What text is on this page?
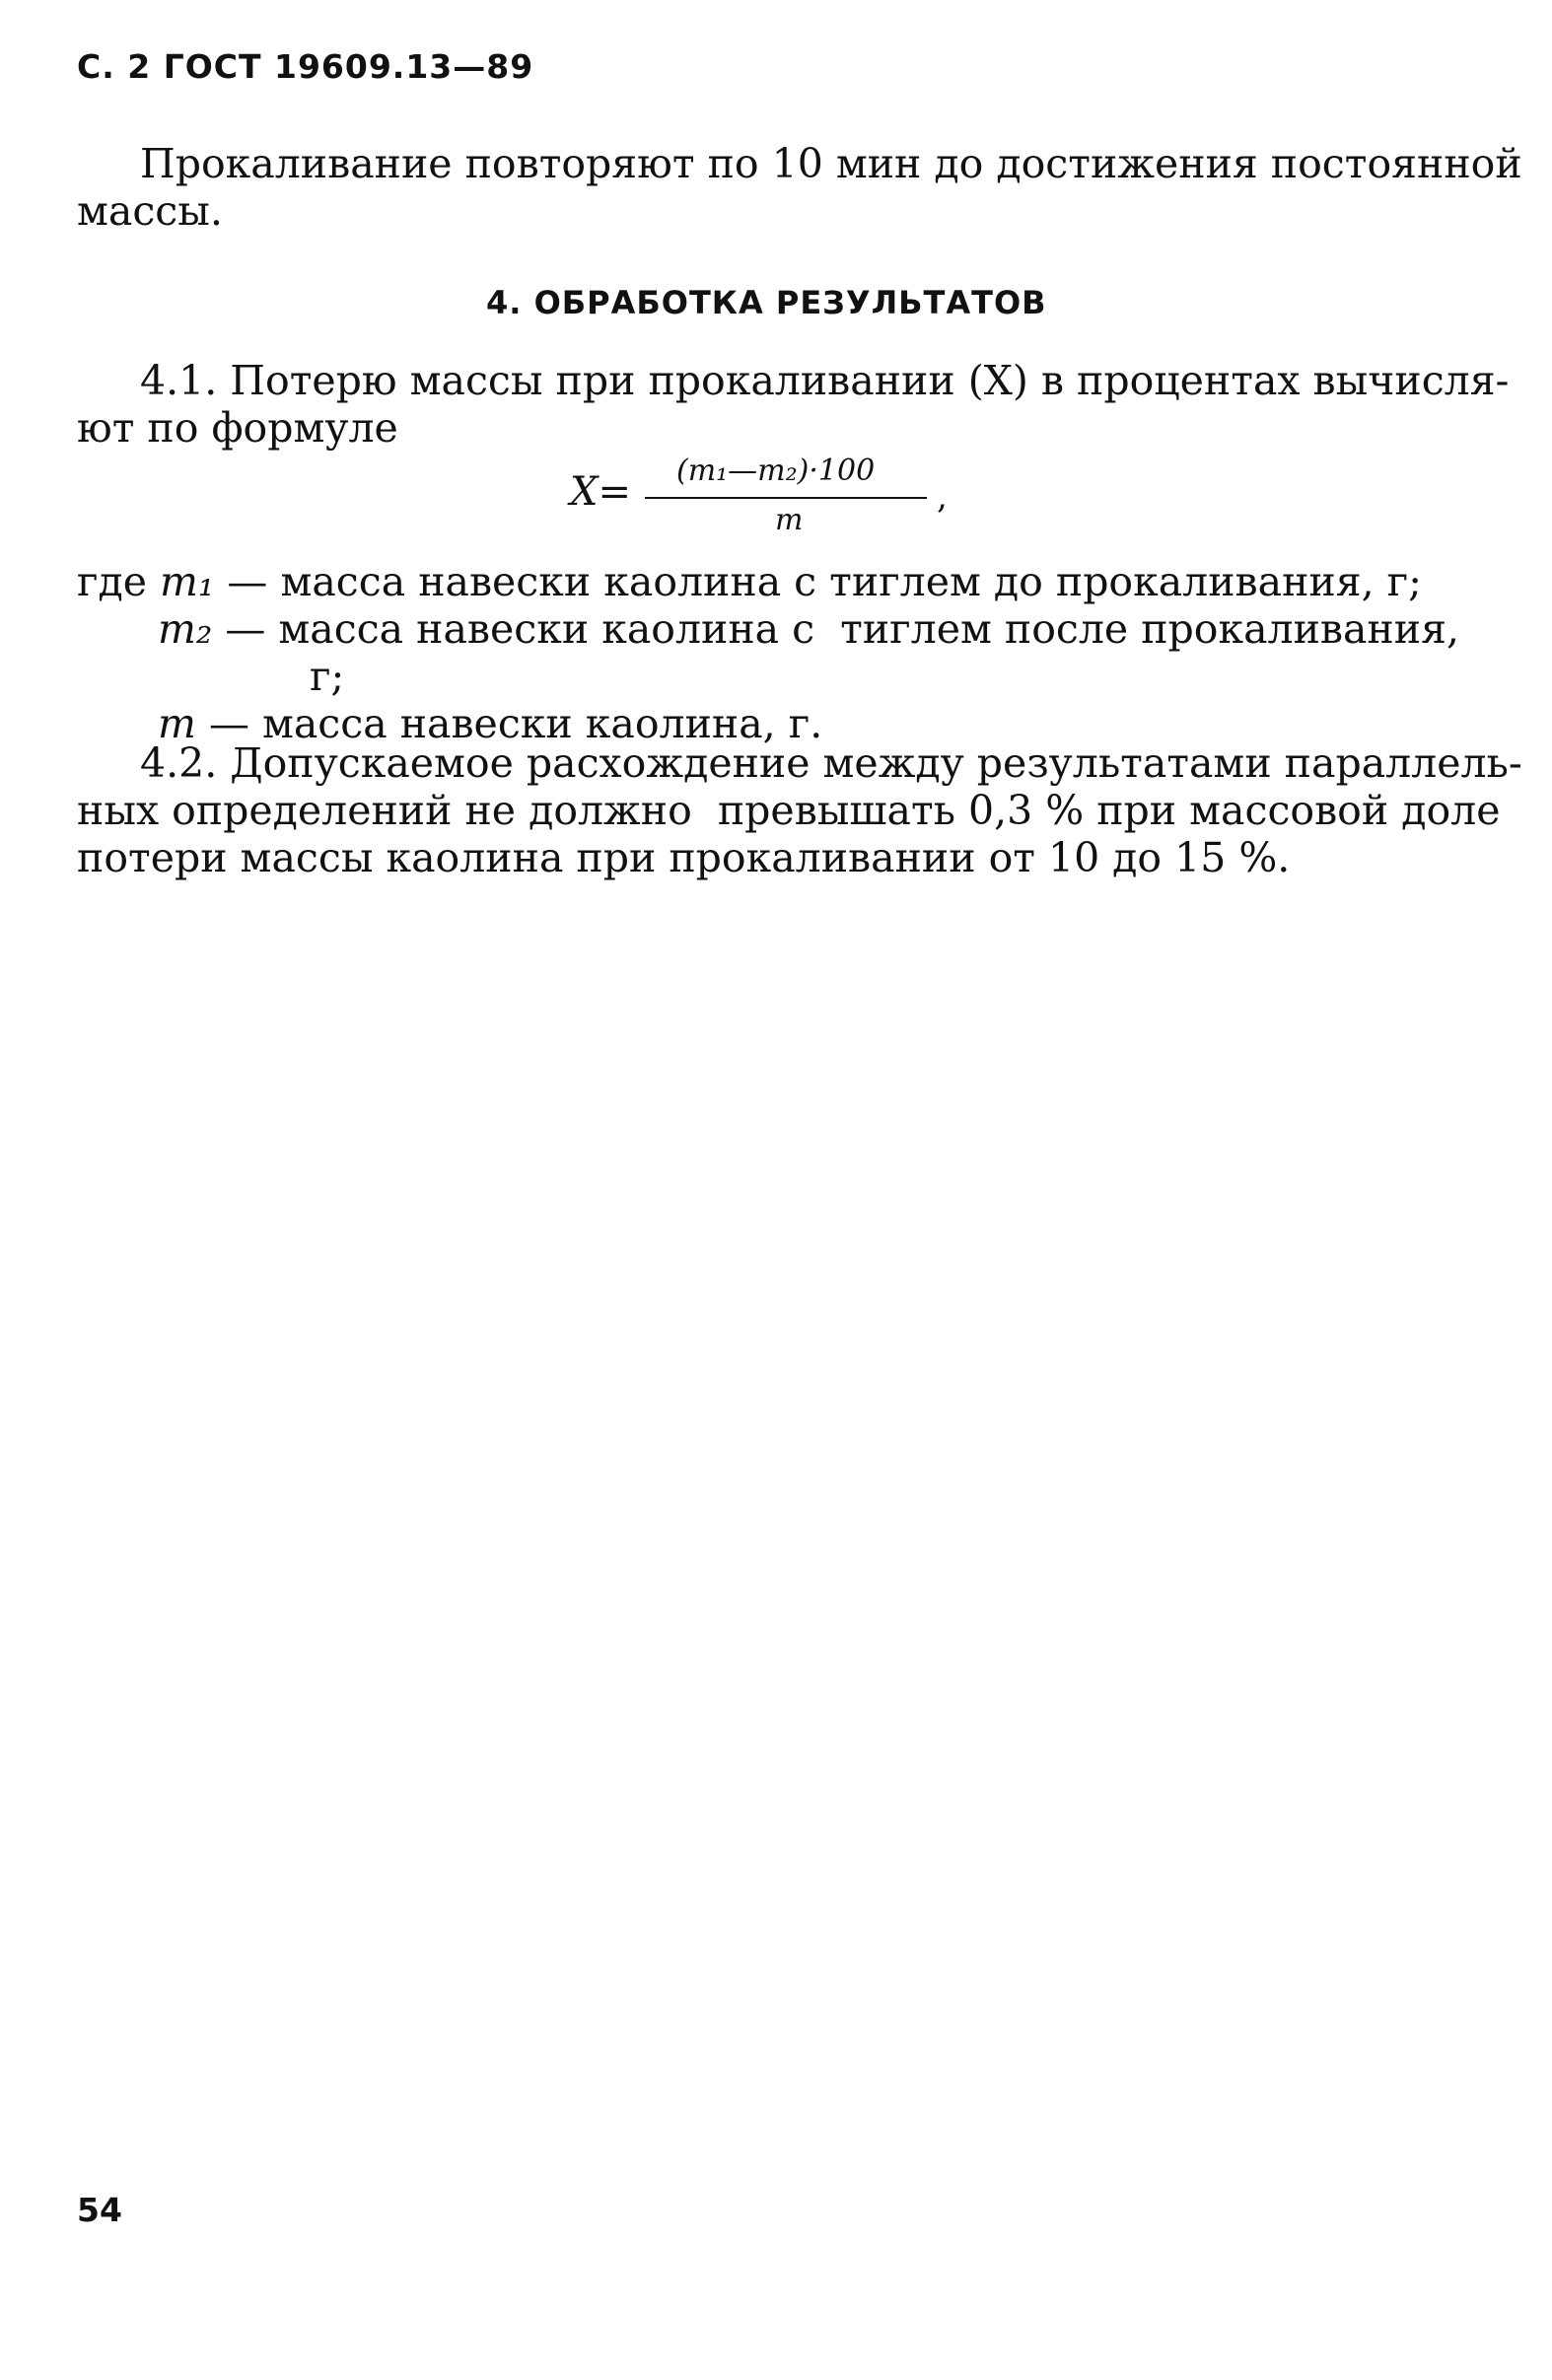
С. 2 ГОСТ 19609.13—89
Прокаливание повторяют по 10 мин до достижения постоянной
массы.
4. ОБРАБОТКА РЕЗУЛЬТАТОВ
4.1. Потерю массы при прокаливании (X) в процентах вычисля-
ют по формуле
X= (m₁—m₂)·100
m
,
где m₁ — масса навески каолина с тиглем до прокаливания, г;
m₂ — масса навески каолина с  тиглем после прокаливания,
г;
m — масса навески каолина, г.
4.2. Допускаемое расхождение между результатами параллель-
ных определений не должно  превышать 0,3 % при массовой доле
потери массы каолина при прокаливании от 10 до 15 %.
54
